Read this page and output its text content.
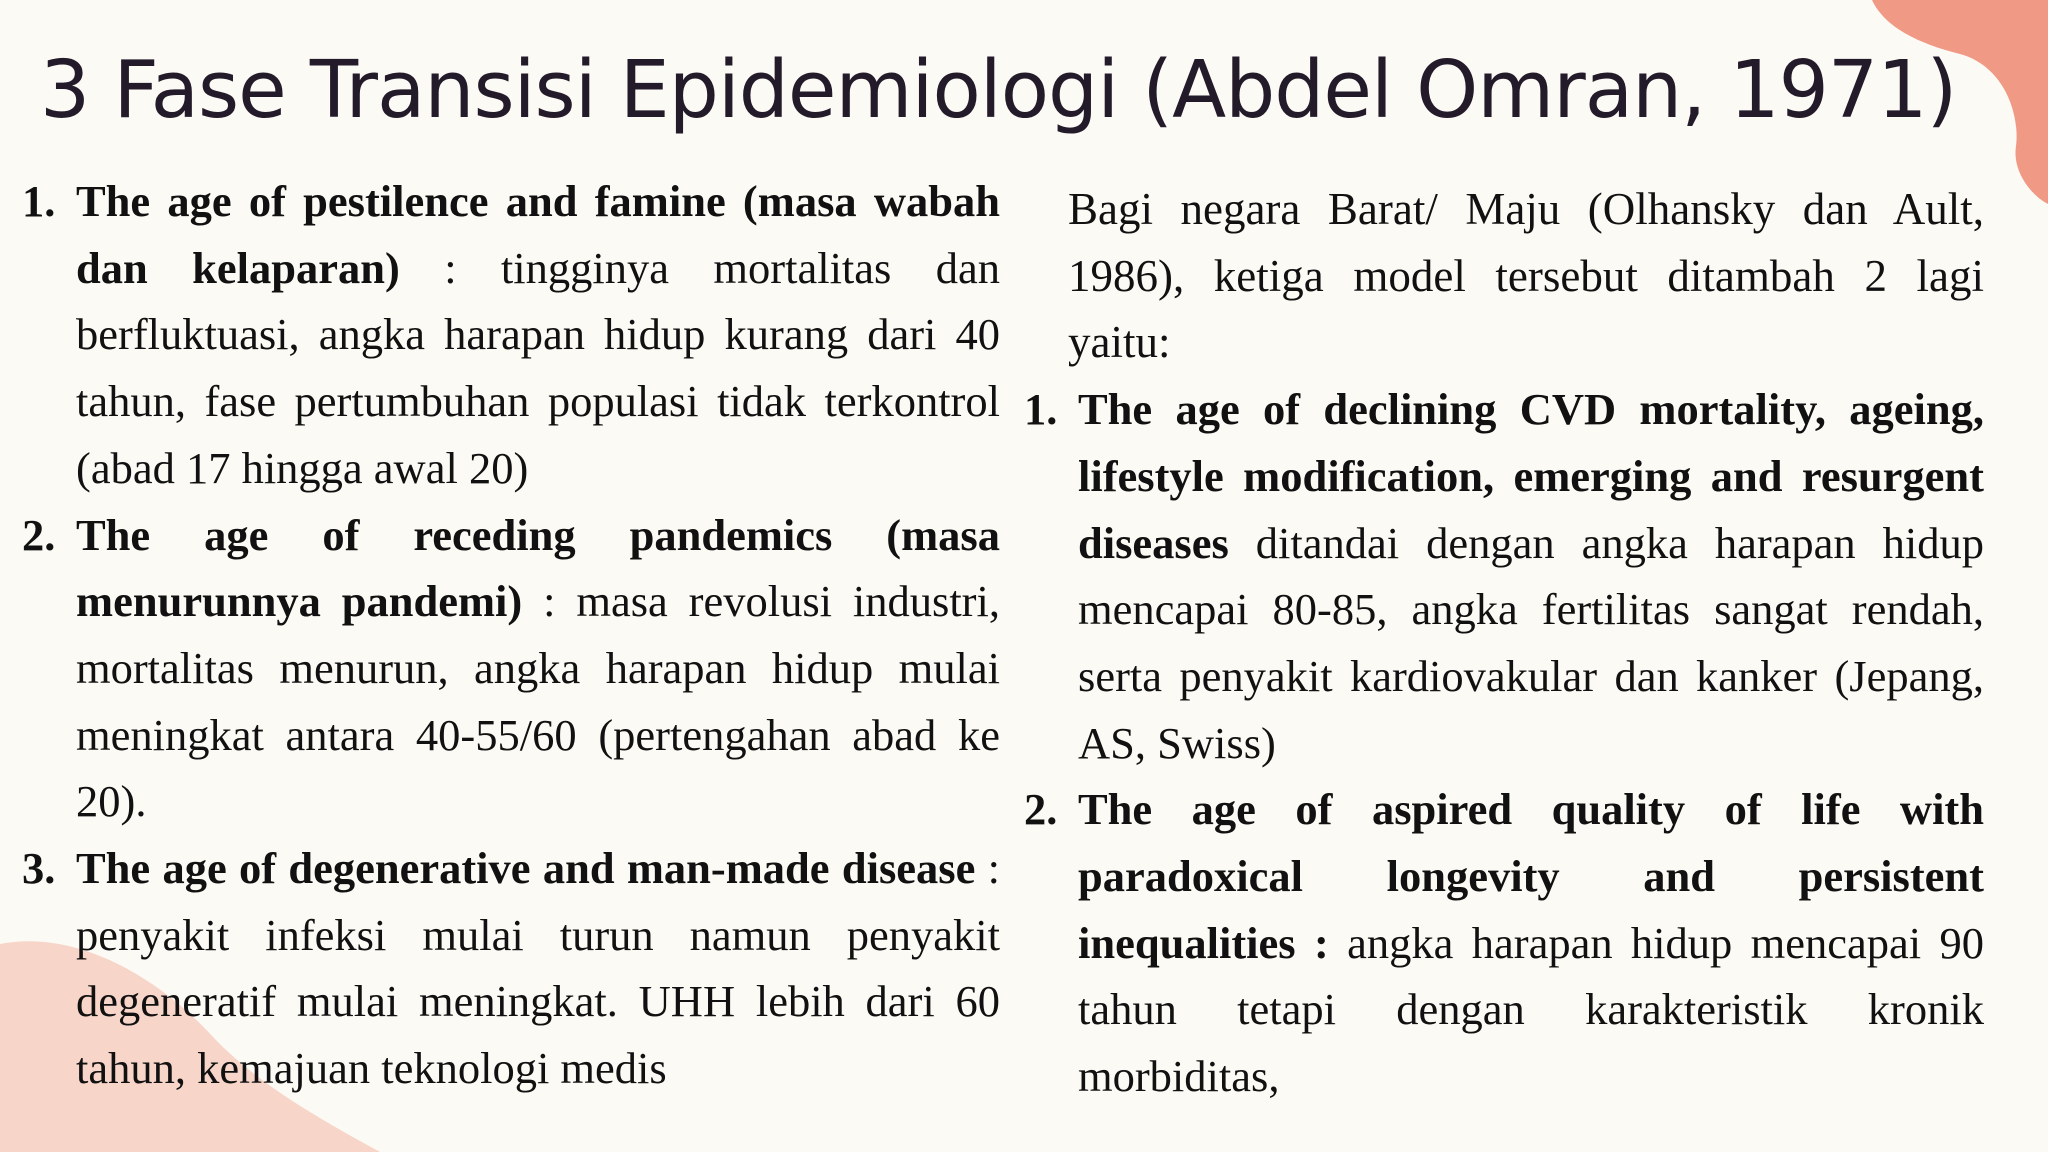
3 Fase Transisi Epidemiologi (Abdel Omran, 1971)
1. The age of pestilence and famine (masa wabah dan kelaparan) : tingginya mortalitas dan berfluktuasi, angka harapan hidup kurang dari 40 tahun, fase pertumbuhan populasi tidak terkontrol (abad 17 hingga awal 20)
2. The age of receding pandemics (masa menurunnya pandemi) : masa revolusi industri, mortalitas menurun, angka harapan hidup mulai meningkat antara 40-55/60 (pertengahan abad ke 20).
3. The age of degenerative and man-made disease : penyakit infeksi mulai turun namun penyakit degeneratif mulai meningkat. UHH lebih dari 60 tahun, kemajuan teknologi medis

Bagi negara Barat/ Maju (Olhansky dan Ault, 1986), ketiga model tersebut ditambah 2 lagi yaitu:

1. The age of declining CVD mortality, ageing, lifestyle modification, emerging and resurgent diseases ditandai dengan angka harapan hidup mencapai 80-85, angka fertilitas sangat rendah, serta penyakit kardiovakular dan kanker (Jepang, AS, Swiss)
2. The age of aspired quality of life with paradoxical longevity and persistent inequalities : angka harapan hidup mencapai 90 tahun tetapi dengan karakteristik kronik morbiditas,
